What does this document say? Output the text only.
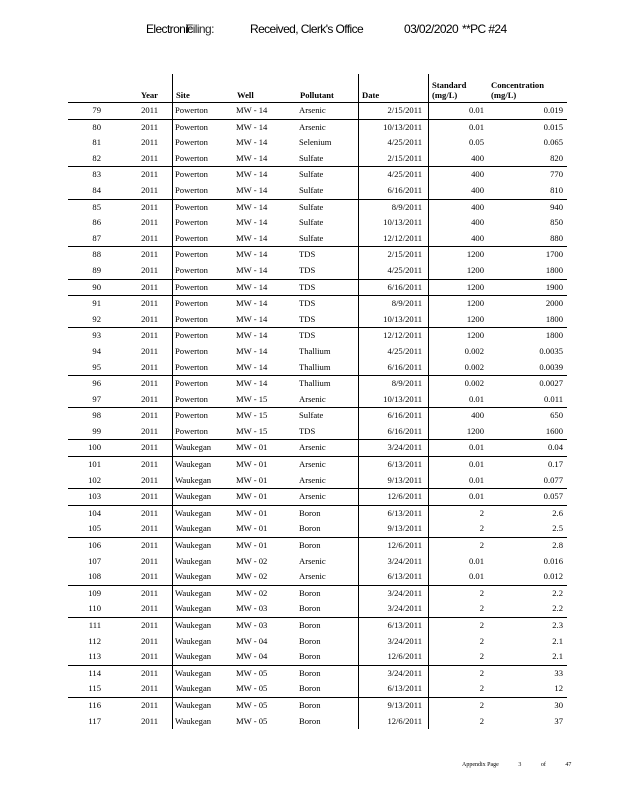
Electronic
Filing:	Received, Clerk's Office	03/02/2020 **PC #24
	Year	Site	Well	Pollutant	Date	Standard (mg/L)	Concentration (mg/L)
79	2011	Powerton	MW - 14	Arsenic	2/15/2011	0.01	0.019
80	2011	Powerton	MW - 14	Arsenic	10/13/2011	0.01	0.015
81	2011	Powerton	MW - 14	Selenium	4/25/2011	0.05	0.065
82	2011	Powerton	MW - 14	Sulfate	2/15/2011	400	820
83	2011	Powerton	MW - 14	Sulfate	4/25/2011	400	770
84	2011	Powerton	MW - 14	Sulfate	6/16/2011	400	810
85	2011	Powerton	MW - 14	Sulfate	8/9/2011	400	940
86	2011	Powerton	MW - 14	Sulfate	10/13/2011	400	850
87	2011	Powerton	MW - 14	Sulfate	12/12/2011	400	880
88	2011	Powerton	MW - 14	TDS	2/15/2011	1200	1700
89	2011	Powerton	MW - 14	TDS	4/25/2011	1200	1800
90	2011	Powerton	MW - 14	TDS	6/16/2011	1200	1900
91	2011	Powerton	MW - 14	TDS	8/9/2011	1200	2000
92	2011	Powerton	MW - 14	TDS	10/13/2011	1200	1800
93	2011	Powerton	MW - 14	TDS	12/12/2011	1200	1800
94	2011	Powerton	MW - 14	Thallium	4/25/2011	0.002	0.0035
95	2011	Powerton	MW - 14	Thallium	6/16/2011	0.002	0.0039
96	2011	Powerton	MW - 14	Thallium	8/9/2011	0.002	0.0027
97	2011	Powerton	MW - 15	Arsenic	10/13/2011	0.01	0.011
98	2011	Powerton	MW - 15	Sulfate	6/16/2011	400	650
99	2011	Powerton	MW - 15	TDS	6/16/2011	1200	1600
100	2011	Waukegan	MW - 01	Arsenic	3/24/2011	0.01	0.04
101	2011	Waukegan	MW - 01	Arsenic	6/13/2011	0.01	0.17
102	2011	Waukegan	MW - 01	Arsenic	9/13/2011	0.01	0.077
103	2011	Waukegan	MW - 01	Arsenic	12/6/2011	0.01	0.057
104	2011	Waukegan	MW - 01	Boron	6/13/2011	2	2.6
105	2011	Waukegan	MW - 01	Boron	9/13/2011	2	2.5
106	2011	Waukegan	MW - 01	Boron	12/6/2011	2	2.8
107	2011	Waukegan	MW - 02	Arsenic	3/24/2011	0.01	0.016
108	2011	Waukegan	MW - 02	Arsenic	6/13/2011	0.01	0.012
109	2011	Waukegan	MW - 02	Boron	3/24/2011	2	2.2
110	2011	Waukegan	MW - 03	Boron	3/24/2011	2	2.2
111	2011	Waukegan	MW - 03	Boron	6/13/2011	2	2.3
112	2011	Waukegan	MW - 04	Boron	3/24/2011	2	2.1
113	2011	Waukegan	MW - 04	Boron	12/6/2011	2	2.1
114	2011	Waukegan	MW - 05	Boron	3/24/2011	2	33
115	2011	Waukegan	MW - 05	Boron	6/13/2011	2	12
116	2011	Waukegan	MW - 05	Boron	9/13/2011	2	30
117	2011	Waukegan	MW - 05	Boron	12/6/2011	2	37
Appendix Page	3	of	47
